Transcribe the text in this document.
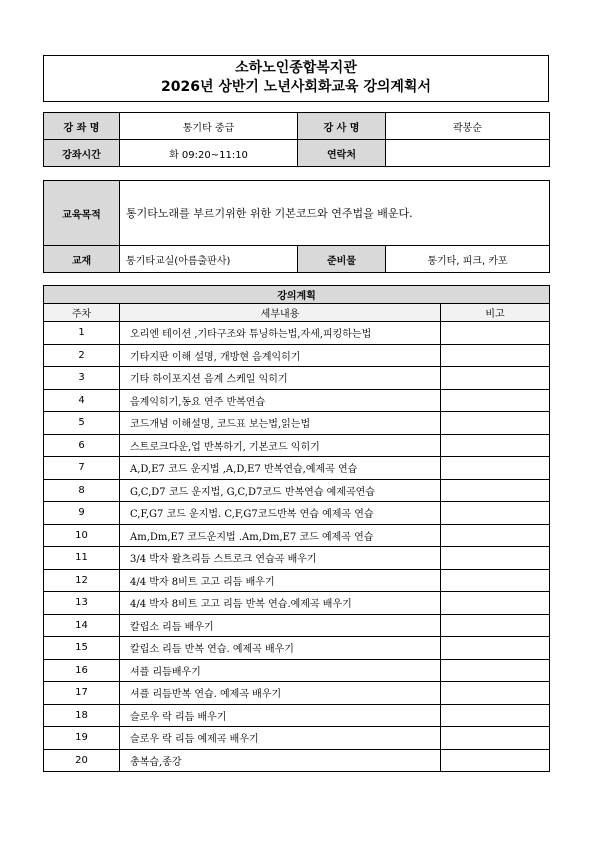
소하노인종합복지관
2026년 상반기 노년사회화교육 강의계획서
강 좌 명	통기타 중급	강 사 명	곽봉순
강좌시간	화 09:20~11:10	연락처	
교육목적	통기타노래를 부르기위한 위한 기본코드와 연주법을 배운다.		
교재	통기타교실(아름출판사)	준비물	통기타, 피크, 카포
강의계획		
주차	세부내용	비고
1	오리엔 테이션 ,기타구조와 튜닝하는법,자세,피킹하는법	
2	기타지판 이해 설명, 개방현 음계익히기	
3	기타 하이포지션 음계 스케일 익히기	
4	음계익히기,동요 연주 반복연습	
5	코드개념 이해설명, 코드표 보는법,읽는법	
6	스트로크다운,업 반복하기, 기본코드 익히기	
7	A,D,E7 코드 운지법 ,A,D,E7 반복연습,예제곡 연습	
8	G,C,D7 코드 운지법, G,C,D7코드 반복연습 예제곡연습	
9	C,F,G7 코드 운지법. C,F,G7코드반복 연습 예제곡 연습	
10	Am,Dm,E7 코드운지법 .Am,Dm,E7 코드 예제곡 연습	
11	3/4 박자 왈츠리듬 스트로크 연습곡 배우기	
12	4/4 박자 8비트 고고 리듬 배우기	
13	4/4 박자 8비트 고고 리듬 반복 연습.예제곡 배우기	
14	칼립소 리듬 배우기	
15	칼립소 리듬 반복 연습. 예제곡 배우기	
16	셔플 리듬배우기	
17	셔플 리듬반복 연습. 예제곡 배우기	
18	슬로우 락 리듬 배우기	
19	슬로우 락 리듬 예제곡 배우기	
20	총복습,종강	
